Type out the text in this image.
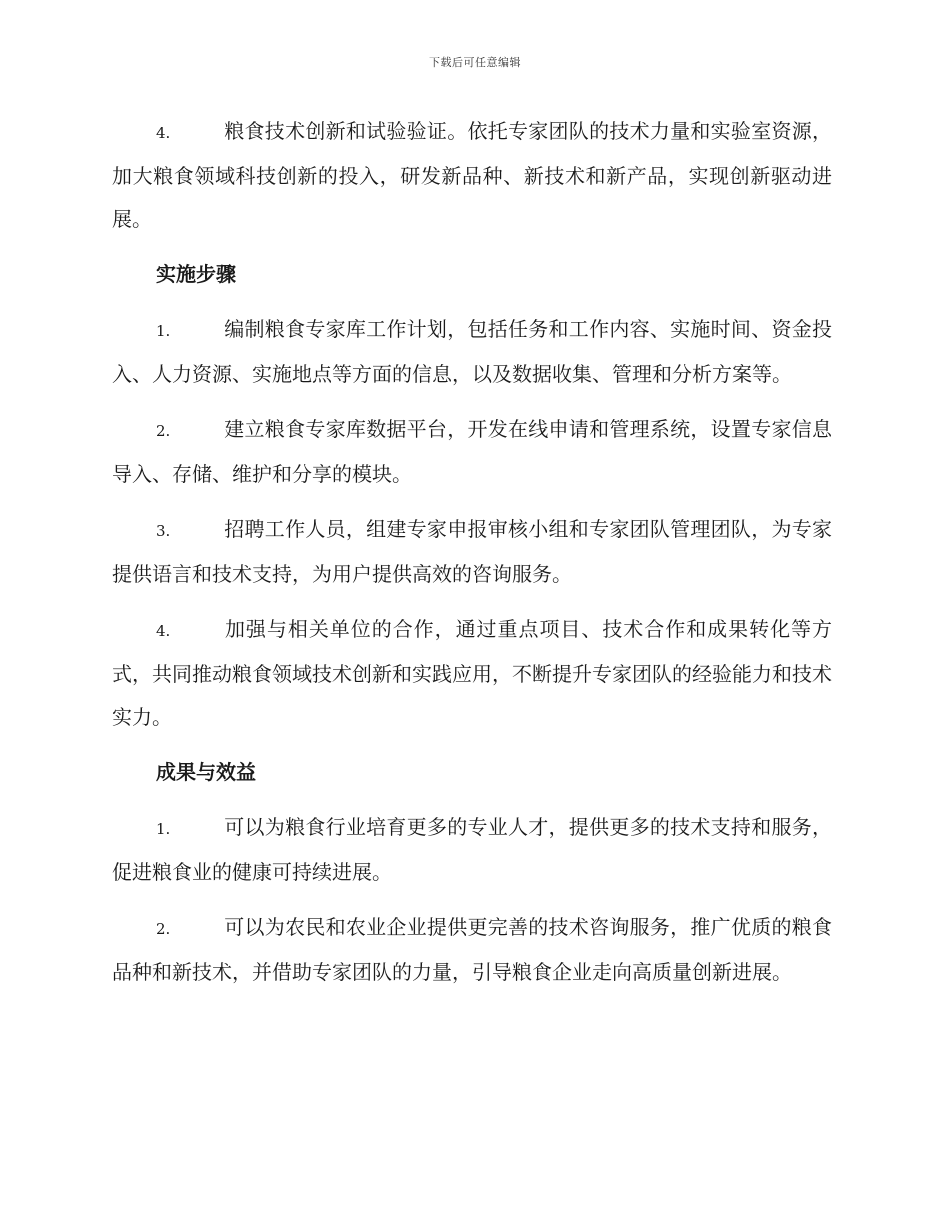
下载后可任意编辑

4.	粮食技术创新和试验验证。依托专家团队的技术力量和实验室资源，加大粮食领域科技创新的投入，研发新品种、新技术和新产品，实现创新驱动进展。

实施步骤

1.	编制粮食专家库工作计划，包括任务和工作内容、实施时间、资金投入、人力资源、实施地点等方面的信息，以及数据收集、管理和分析方案等。

2.	建立粮食专家库数据平台，开发在线申请和管理系统，设置专家信息导入、存储、维护和分享的模块。

3.	招聘工作人员，组建专家申报审核小组和专家团队管理团队，为专家提供语言和技术支持，为用户提供高效的咨询服务。

4.	加强与相关单位的合作，通过重点项目、技术合作和成果转化等方式，共同推动粮食领域技术创新和实践应用，不断提升专家团队的经验能力和技术实力。

成果与效益

1.	可以为粮食行业培育更多的专业人才，提供更多的技术支持和服务，促进粮食业的健康可持续进展。

2.	可以为农民和农业企业提供更完善的技术咨询服务，推广优质的粮食品种和新技术，并借助专家团队的力量，引导粮食企业走向高质量创新进展。
